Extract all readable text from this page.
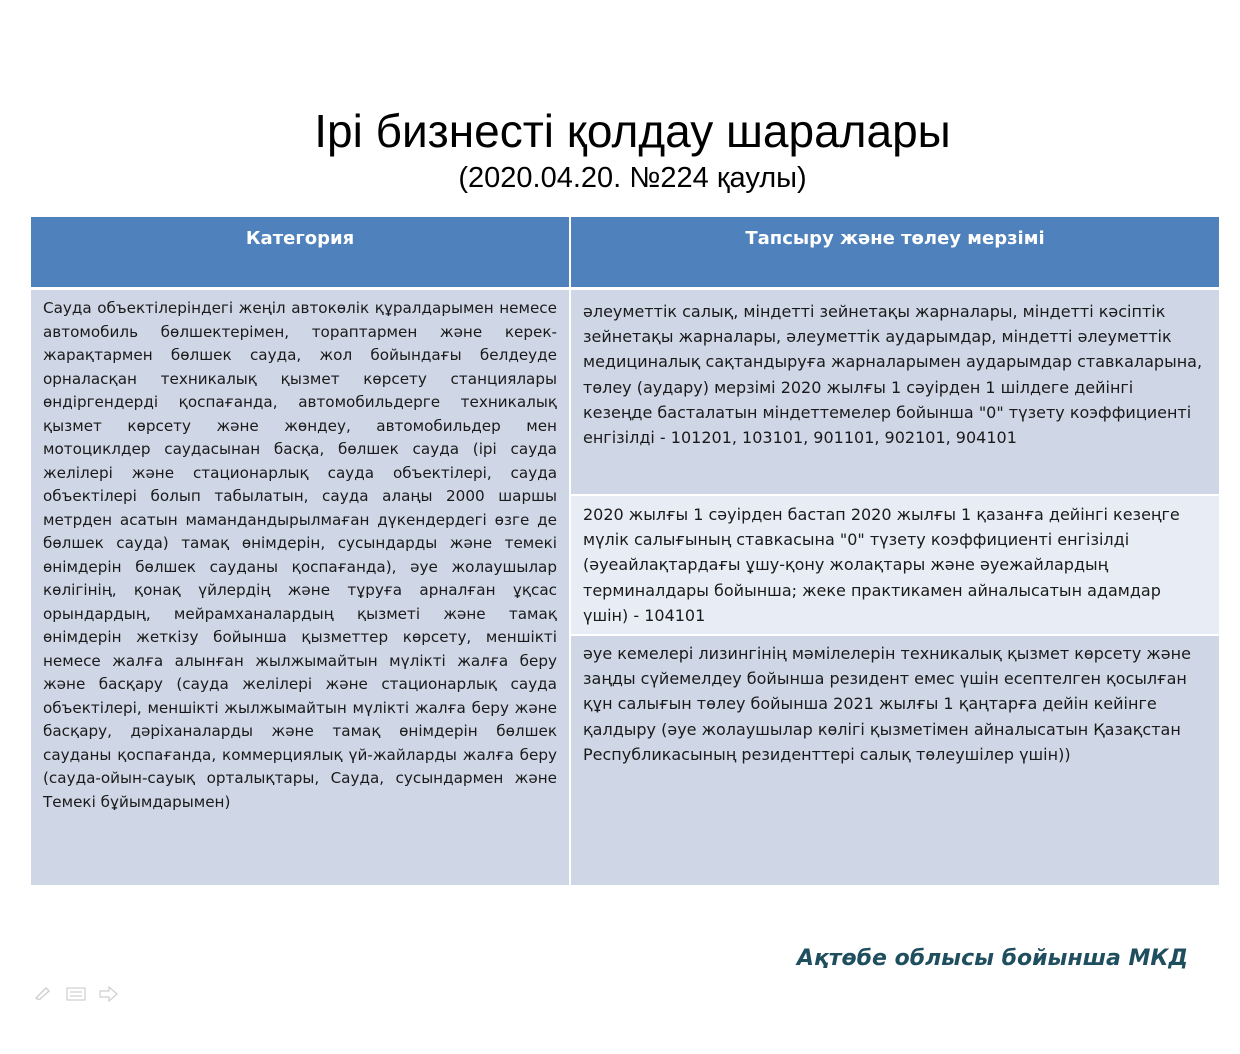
Ірі бизнесті қолдау шаралары
(2020.04.20. №224 қаулы)
Категория	Тапсыру және төлеу мерзімі
Сауда объектілеріндегі жеңіл автокөлік құралдарымен немесе автомобиль бөлшектерімен, тораптармен және керек-жарақтармен бөлшек сауда, жол бойындағы белдеуде орналасқан техникалық қызмет көрсету станциялары өндіргендерді қоспағанда, автомобильдерге техникалық қызмет көрсету және жөндеу, автомобильдер мен мотоциклдер саудасынан басқа, бөлшек сауда (ірі сауда желілері және стационарлық сауда объектілері, сауда объектілері болып табылатын, сауда алаңы 2000 шаршы метрден асатын мамандандырылмаған дүкендердегі өзге де бөлшек сауда) тамақ өнімдерін, сусындарды және темекі өнімдерін бөлшек сауданы қоспағанда), әуе жолаушылар көлігінің, қонақ үйлердің және тұруға арналған ұқсас орындардың, мейрамханалардың қызметі және тамақ өнімдерін жеткізу бойынша қызметтер көрсету, меншікті немесе жалға алынған жылжымайтын мүлікті жалға беру және басқару (сауда желілері және стационарлық сауда объектілері, меншікті жылжымайтын мүлікті жалға беру және басқару, дәріханаларды және тамақ өнімдерін бөлшек сауданы қоспағанда, коммерциялық үй-жайларды жалға беру (сауда-ойын-сауық орталықтары, Сауда, сусындармен және Темекі бұйымдарымен)
әлеуметтік салық, міндетті зейнетақы жарналары, міндетті кәсіптік зейнетақы жарналары, әлеуметтік аударымдар, міндетті әлеуметтік медициналық сақтандыруға жарналарымен аударымдар ставкаларына, төлеу (аудару) мерзімі 2020 жылғы 1 сәуірден 1 шілдеге дейінгі кезеңде басталатын міндеттемелер бойынша "0" түзету коэффициенті енгізілді - 101201, 103101, 901101, 902101, 904101
2020 жылғы 1 сәуірден бастап 2020 жылғы 1 қазанға дейінгі кезеңге мүлік салығының ставкасына "0" түзету коэффициенті енгізілді (әуеайлақтардағы ұшу-қону жолақтары және әуежайлардың терминалдары бойынша; жеке практикамен айналысатын адамдар үшін) - 104101
әуе кемелері лизингінің мәмілелерін техникалық қызмет көрсету және заңды сүйемелдеу бойынша резидент емес үшін есептелген қосылған құн салығын төлеу бойынша 2021 жылғы 1 қаңтарға дейін кейінге қалдыру (әуе жолаушылар көлігі қызметімен айналысатын Қазақстан Республикасының резиденттері салық төлеушілер үшін))
Ақтөбе облысы бойынша МКД
